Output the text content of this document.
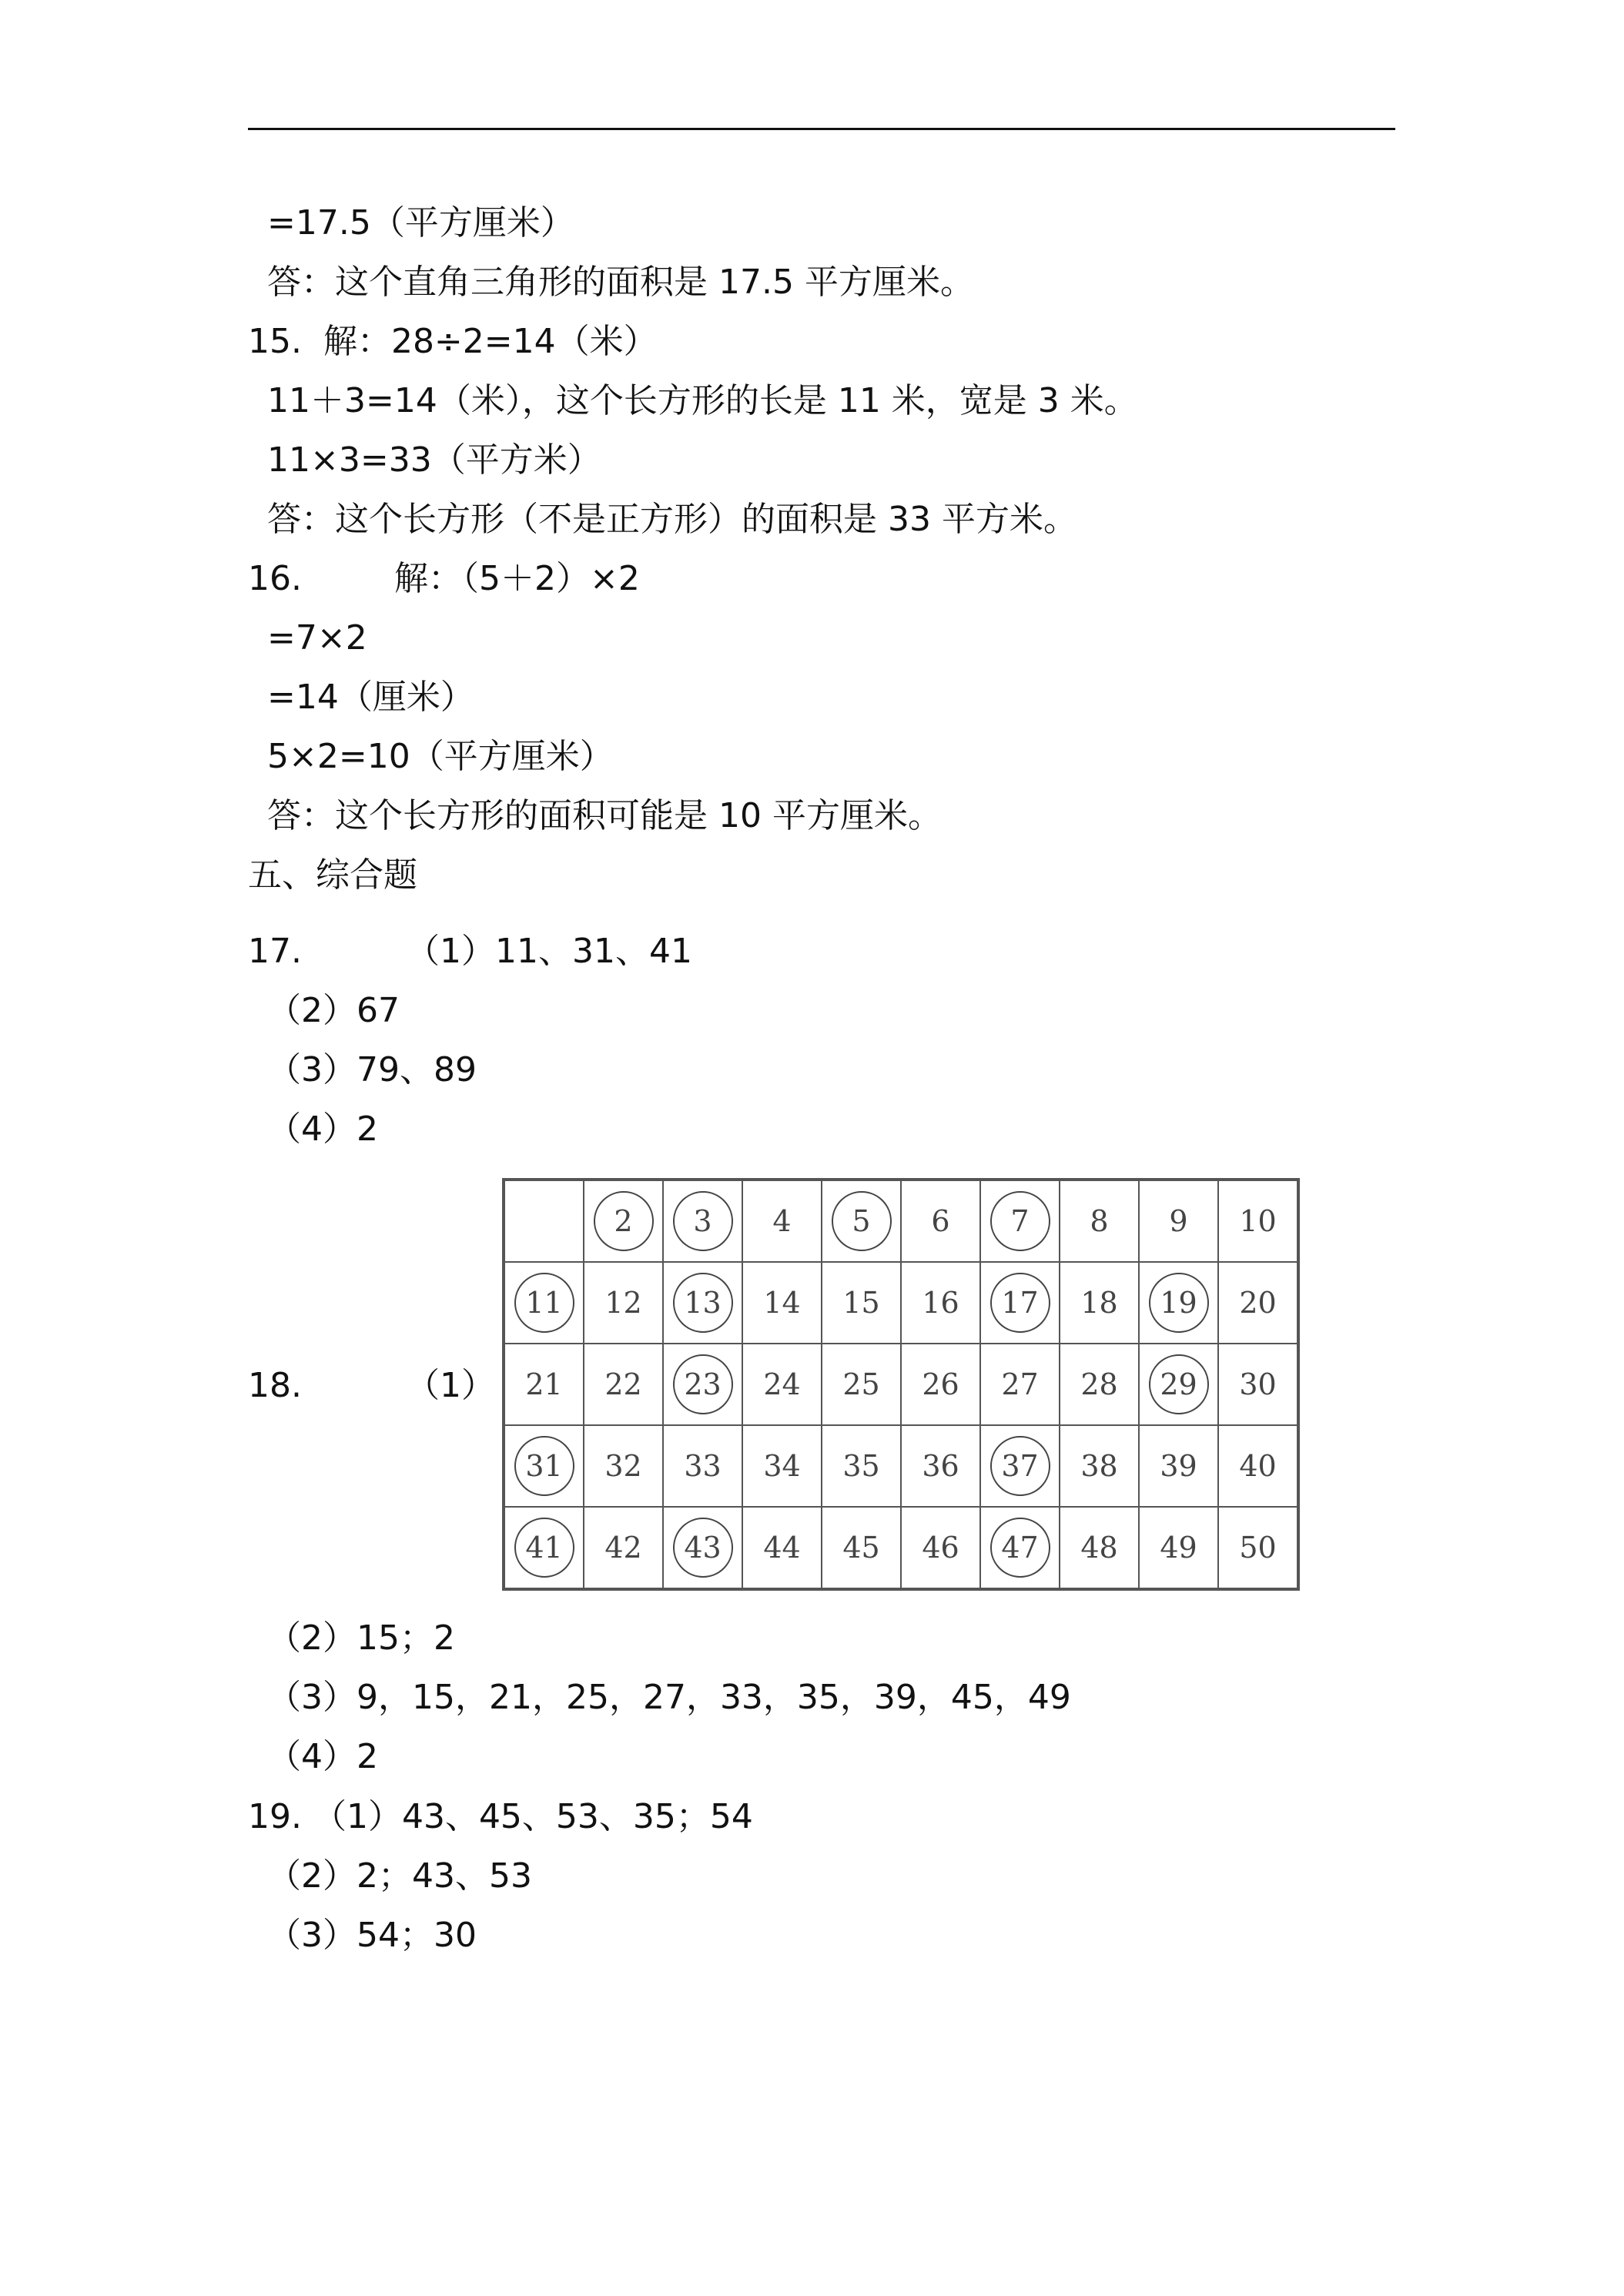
=17.5（平方厘米）
答：这个直角三角形的面积是 17.5 平方厘米。
15.  解：28÷2=14（米）
11＋3=14（米），这个长方形的长是 11 米，宽是 3 米。
11×3=33（平方米）
答：这个长方形（不是正方形）的面积是 33 平方米。
16.	解：（5＋2）×2
=7×2
=14（厘米）
5×2=10（平方厘米）
答：这个长方形的面积可能是 10 平方厘米。
五、综合题
17.	（1）11、31、41
（2）67
（3）79、89
（4）2
18.	（1）
	2	3	4	5	6	7	8	9	10
11	12	13	14	15	16	17	18	19	20
21	22	23	24	25	26	27	28	29	30
31	32	33	34	35	36	37	38	39	40
41	42	43	44	45	46	47	48	49	50
（2）15；2
（3）9，15，21，25，27，33，35，39，45，49
（4）2
19. （1）43、45、53、35；54
（2）2；43、53
（3）54；30
